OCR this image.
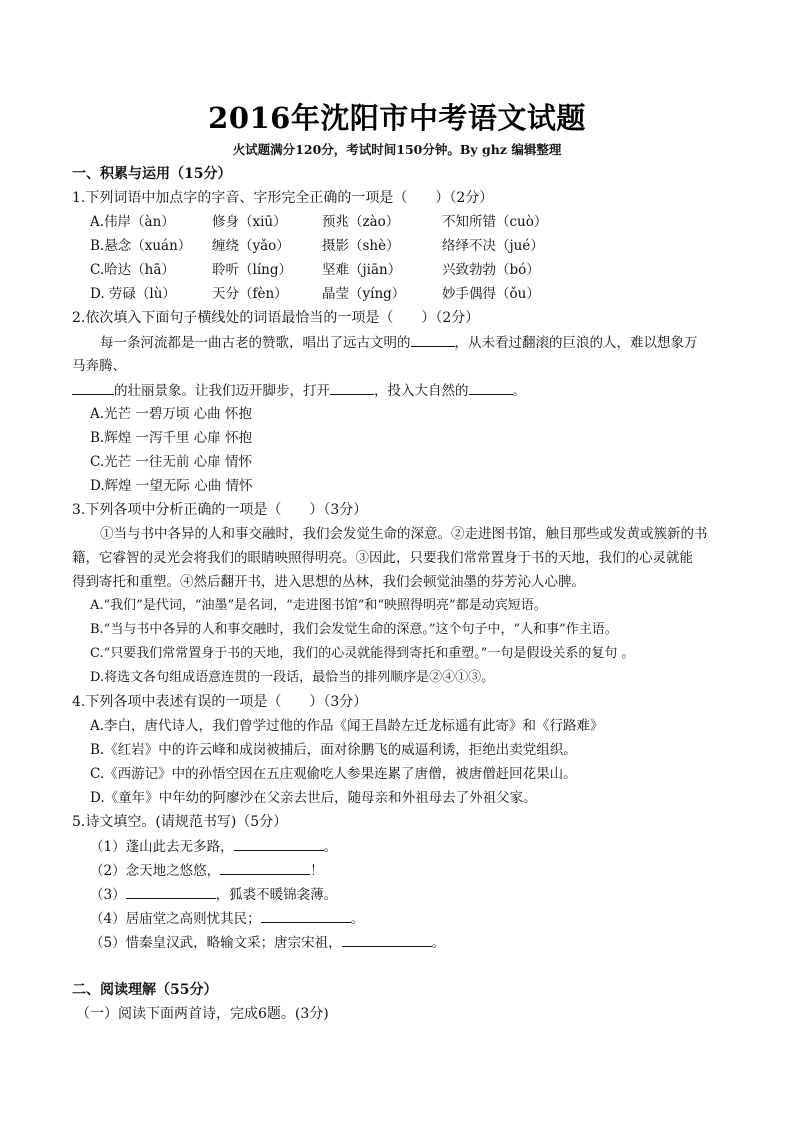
2016年沈阳市中考语文试题
火试题满分120分，考试时间150分钟。By ghz 编辑整理
一、积累与运用（15分）
1.下列词语中加点字的字音、字形完全正确的一项是（　　）（2分）
A.伟岸（àn）	修身（xiū）	预兆（zào）	不知所错（cuò）
B.悬念（xuán） 缠绕（yǎo） 摄影（shè）	络绎不决（jué）
C.哈达（hā）	聆听（líng） 坚难（jiān）	兴致勃勃（bó）
D. 劳碌（lù）	天分（fèn）	晶莹（yíng）	妙手偶得（ǒu）
2.依次填入下面句子横线处的词语最恰当的一项是（　　）（2分）
每一条河流都是一曲古老的赞歌，唱出了远古文明的	，从未看过翻滚的巨浪的人，难以想象万
马奔腾、
的壮丽景象。让我们迈开脚步，打开	，投入大自然的	。
A.光芒 一碧万顷 心曲 怀抱
B.辉煌 一泻千里 心扉 怀抱
C.光芒 一往无前 心扉 情怀
D.辉煌 一望无际 心曲 情怀
3.下列各项中分析正确的一项是（　　）（3分）
①当与书中各异的人和事交融时，我们会发觉生命的深意。②走进图书馆，触目那些或发黄或簇新的书
籍，它睿智的灵光会将我们的眼睛映照得明亮。③因此，只要我们常常置身于书的天地，我们的心灵就能
得到寄托和重塑。④然后翻开书，进入思想的丛林，我们会顿觉油墨的芬芳沁人心脾。
A.“我们”是代词，“油墨”是名词，“走进图书馆”和“映照得明亮”都是动宾短语。
B.“当与书中各异的人和事交融时，我们会发觉生命的深意。”这个句子中，“人和事”作主语。
C.“只要我们常常置身于书的天地，我们的心灵就能得到寄托和重塑。”一句是假设关系的复句 。
D.将选文各句组成语意连贯的一段话，最恰当的排列顺序是②④①③。
4.下列各项中表述有误的一项是（　　）（3分）
A.李白，唐代诗人，我们曾学过他的作品《闻王昌龄左迁龙标遥有此寄》和《行路难》
B.《红岩》中的许云峰和成岗被捕后，面对徐鹏飞的威逼利诱，拒绝出卖党组织。
C.《西游记》中的孙悟空因在五庄观偷吃人参果连累了唐僧，被唐僧赶回花果山。
D.《童年》中年幼的阿廖沙在父亲去世后，随母亲和外祖母去了外祖父家。
5.诗文填空。(请规范书写)（5分）
（1）蓬山此去无多路，	。
（2）念天地之悠悠，	！
（3）	，狐裘不暖锦衾薄。
（4）居庙堂之高则忧其民；	。
（5）惜秦皇汉武，略输文采；唐宗宋祖，	。
二、阅读理解（55分）
（一）阅读下面两首诗，完成6题。(3分)
